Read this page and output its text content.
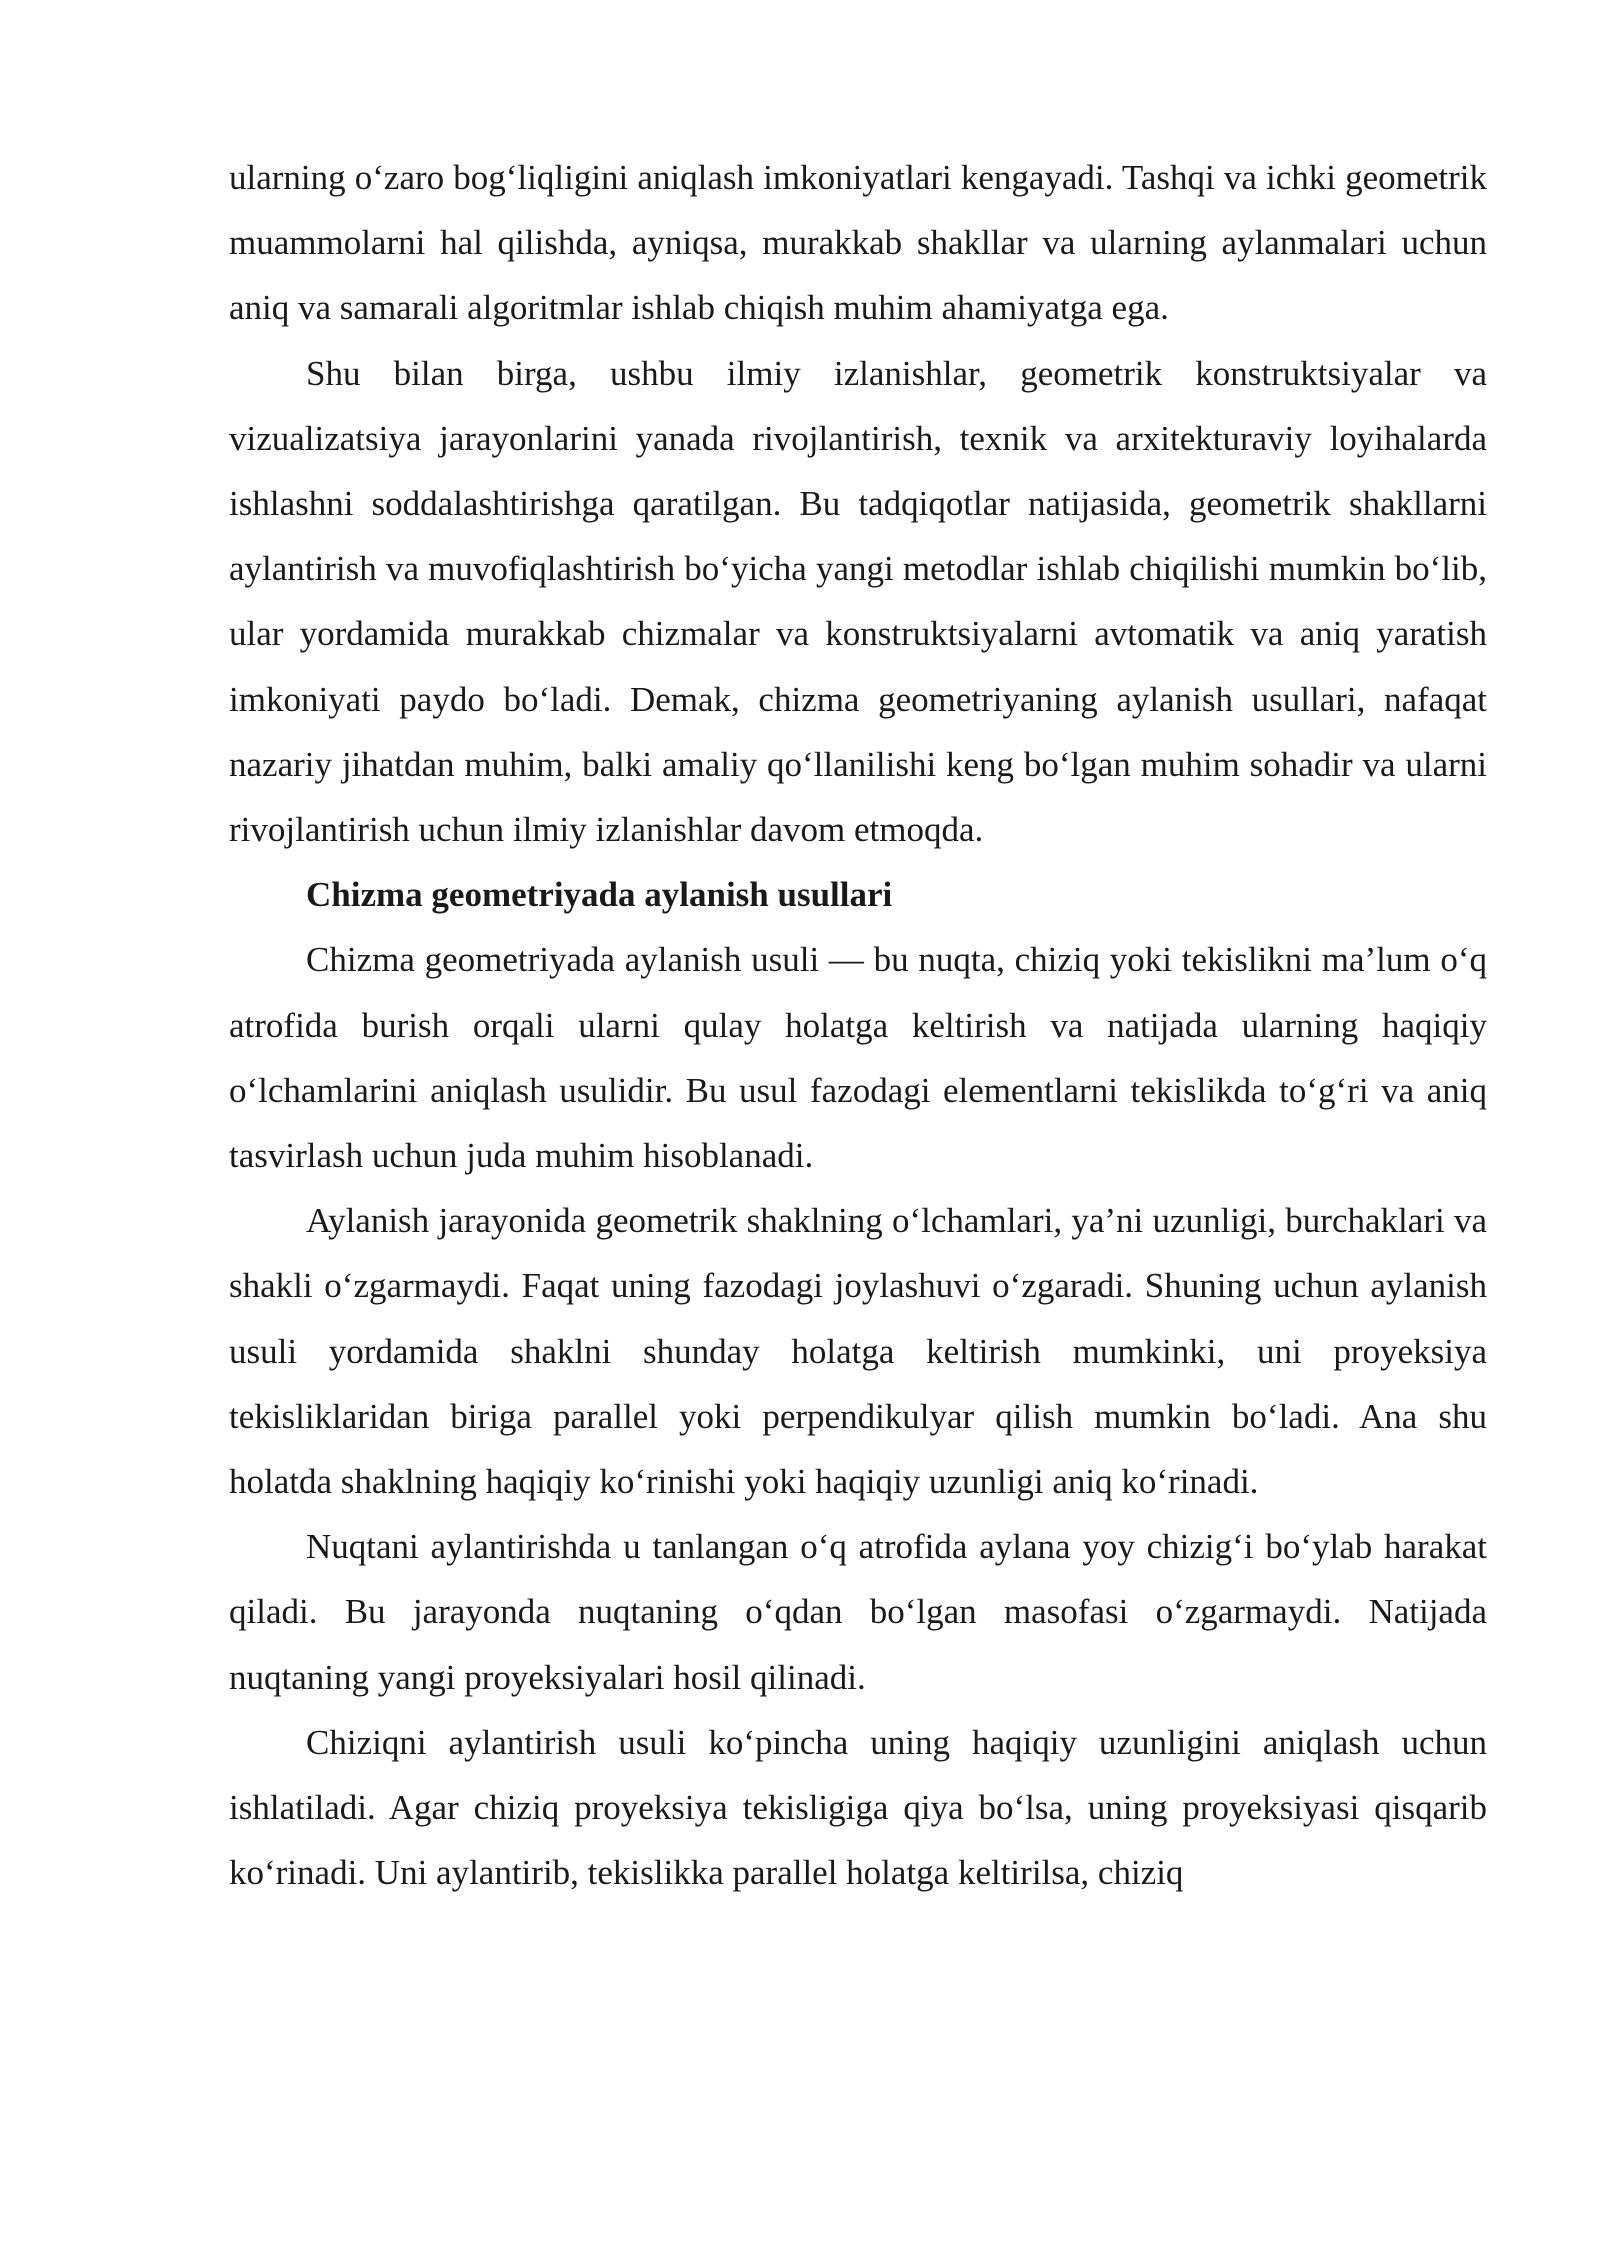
ularning o‘zaro bog‘liqligini aniqlash imkoniyatlari kengayadi. Tashqi va ichki geometrik muammolarni hal qilishda, ayniqsa, murakkab shakllar va ularning aylanmalari uchun aniq va samarali algoritmlar ishlab chiqish muhim ahamiyatga ega.

Shu bilan birga, ushbu ilmiy izlanishlar, geometrik konstruktsiyalar va vizualizatsiya jarayonlarini yanada rivojlantirish, texnik va arxitekturaviy loyihalarda ishlashni soddalashtirishga qaratilgan. Bu tadqiqotlar natijasida, geometrik shakllarni aylantirish va muvofiqlashtirish bo‘yicha yangi metodlar ishlab chiqilishi mumkin bo‘lib, ular yordamida murakkab chizmalar va konstruktsiyalarni avtomatik va aniq yaratish imkoniyati paydo bo‘ladi. Demak, chizma geometriyaning aylanish usullari, nafaqat nazariy jihatdan muhim, balki amaliy qo‘llanilishi keng bo‘lgan muhim sohadir va ularni rivojlantirish uchun ilmiy izlanishlar davom etmoqda.

Chizma geometriyada aylanish usullari

Chizma geometriyada aylanish usuli — bu nuqta, chiziq yoki tekislikni ma’lum o‘q atrofida burish orqali ularni qulay holatga keltirish va natijada ularning haqiqiy o‘lchamlarini aniqlash usulidir. Bu usul fazodagi elementlarni tekislikda to‘g‘ri va aniq tasvirlash uchun juda muhim hisoblanadi.

Aylanish jarayonida geometrik shaklning o‘lchamlari, ya’ni uzunligi, burchaklari va shakli o‘zgarmaydi. Faqat uning fazodagi joylashuvi o‘zgaradi. Shuning uchun aylanish usuli yordamida shaklni shunday holatga keltirish mumkinki, uni proyeksiya tekisliklaridan biriga parallel yoki perpendikulyar qilish mumkin bo‘ladi. Ana shu holatda shaklning haqiqiy ko‘rinishi yoki haqiqiy uzunligi aniq ko‘rinadi.

Nuqtani aylantirishda u tanlangan o‘q atrofida aylana yoy chizig‘i bo‘ylab harakat qiladi. Bu jarayonda nuqtaning o‘qdan bo‘lgan masofasi o‘zgarmaydi. Natijada nuqtaning yangi proyeksiyalari hosil qilinadi.

Chiziqni aylantirish usuli ko‘pincha uning haqiqiy uzunligini aniqlash uchun ishlatiladi. Agar chiziq proyeksiya tekisligiga qiya bo‘lsa, uning proyeksiyasi qisqarib ko‘rinadi. Uni aylantirib, tekislikka parallel holatga keltirilsa, chiziq
